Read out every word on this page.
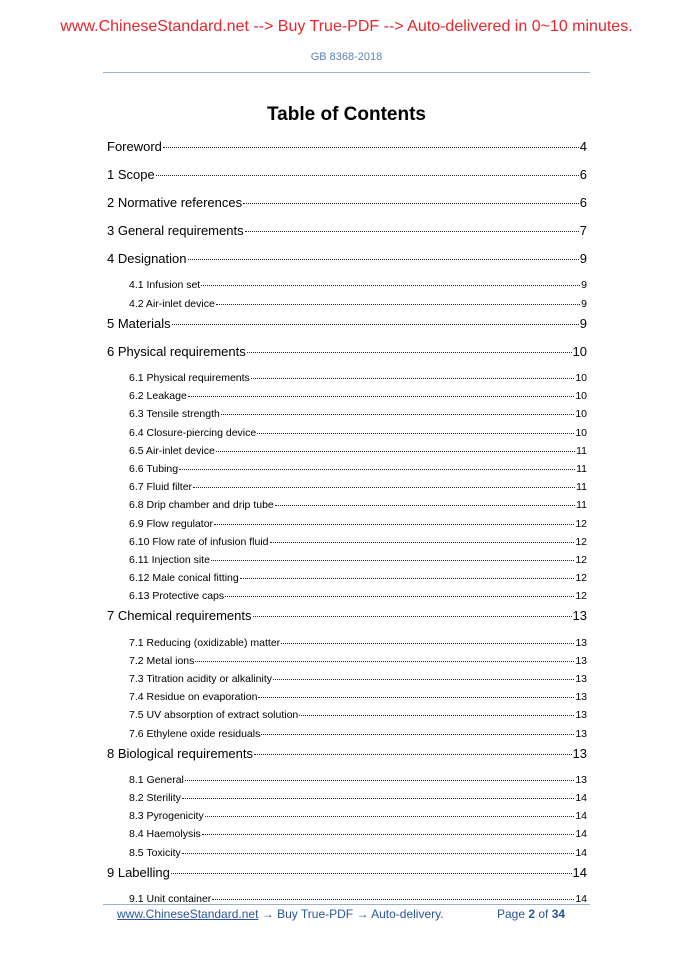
www.ChineseStandard.net --> Buy True-PDF --> Auto-delivered in 0~10 minutes.
GB 8368-2018
Table of Contents
Foreword	4
1 Scope	6
2 Normative references	6
3 General requirements	7
4 Designation	9
4.1 Infusion set	9
4.2 Air-inlet device	9
5 Materials	9
6 Physical requirements	10
6.1 Physical requirements	10
6.2 Leakage	10
6.3 Tensile strength	10
6.4 Closure-piercing device	10
6.5 Air-inlet device	11
6.6 Tubing	11
6.7 Fluid filter	11
6.8 Drip chamber and drip tube	11
6.9 Flow regulator	12
6.10 Flow rate of infusion fluid	12
6.11 Injection site	12
6.12 Male conical fitting	12
6.13 Protective caps	12
7 Chemical requirements	13
7.1 Reducing (oxidizable) matter	13
7.2 Metal ions	13
7.3 Titration acidity or alkalinity	13
7.4 Residue on evaporation	13
7.5 UV absorption of extract solution	13
7.6 Ethylene oxide residuals	13
8 Biological requirements	13
8.1 General	13
8.2 Sterility	14
8.3 Pyrogenicity	14
8.4 Haemolysis	14
8.5 Toxicity	14
9 Labelling	14
9.1 Unit container	14
www.ChineseStandard.net → Buy True-PDF → Auto-delivery.	Page 2 of 34
